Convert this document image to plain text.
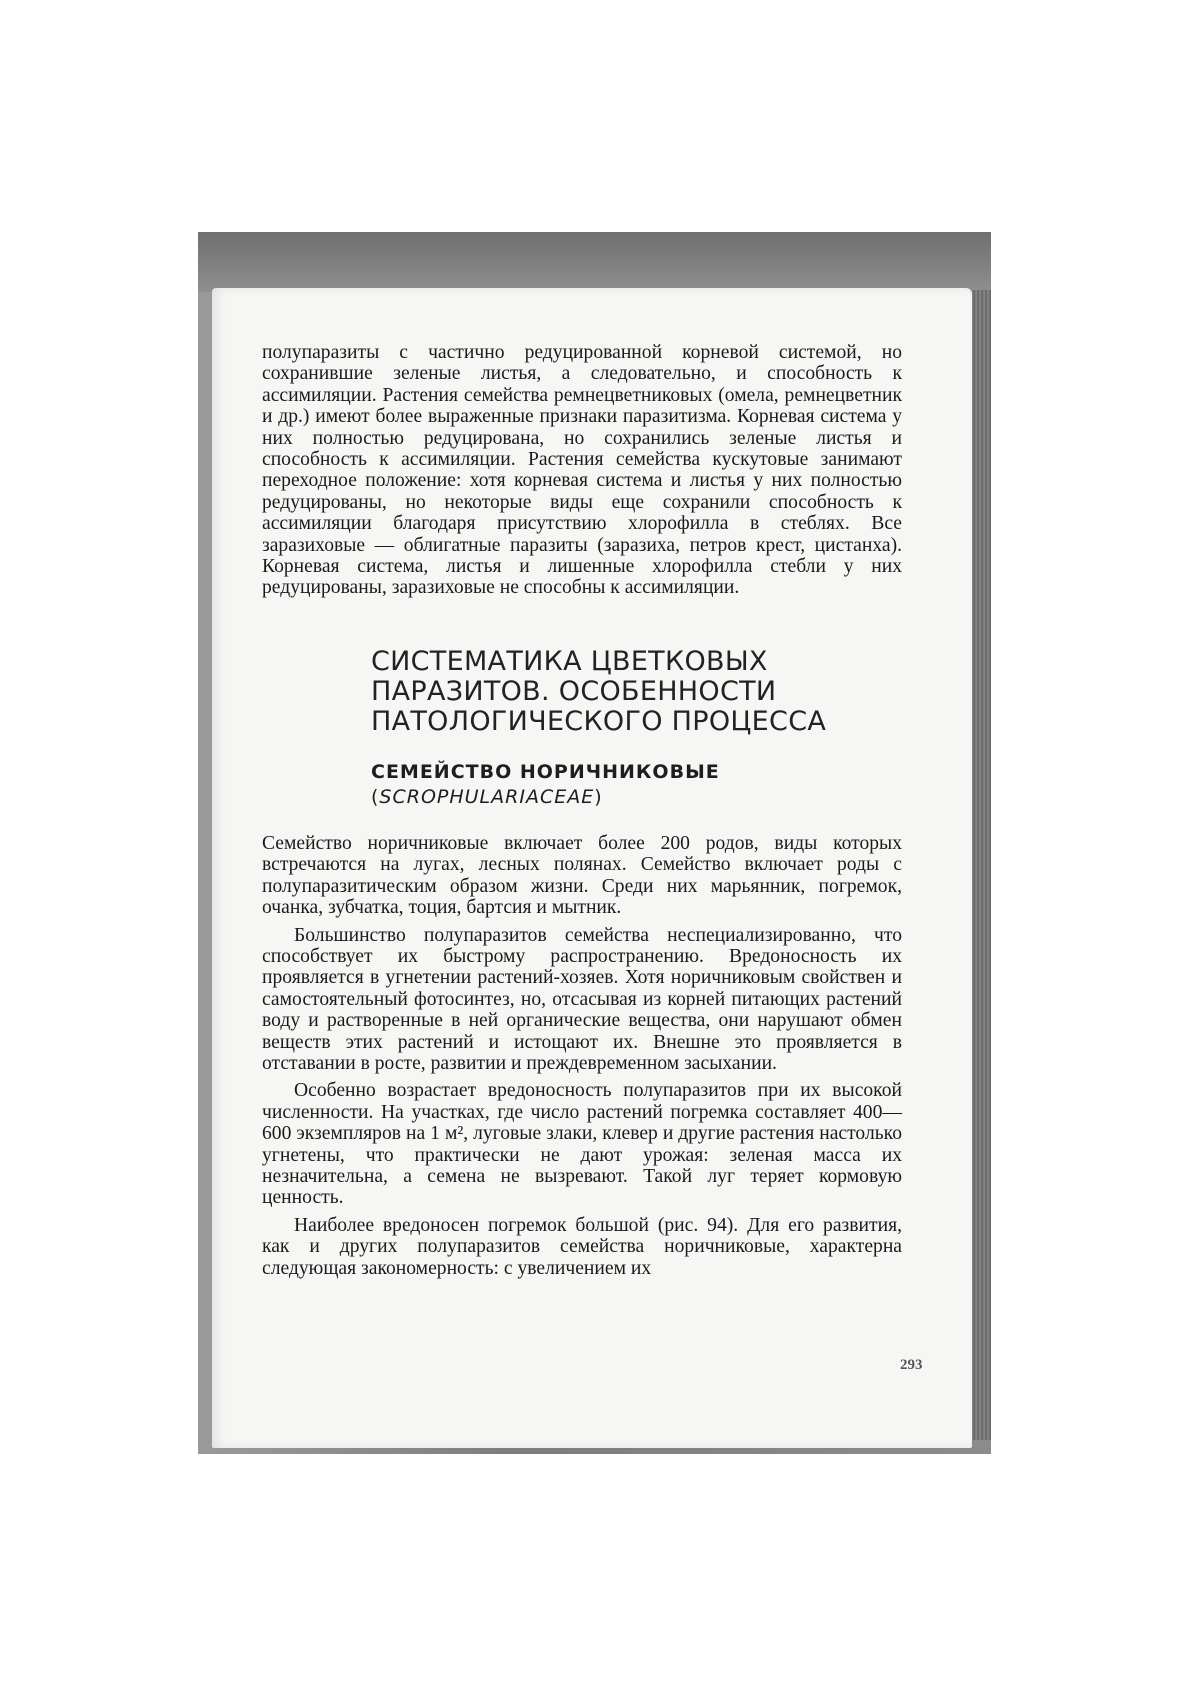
полупаразиты с частично редуцированной корневой системой, но сохранившие зеленые листья, а следовательно, и способность к ассимиляции. Растения семейства ремнецветниковых (омела, ремнецветник и др.) имеют более выраженные признаки паразитизма. Корневая система у них полностью редуцирована, но сохранились зеленые листья и способность к ассимиляции. Растения семейства кускутовые занимают переходное положение: хотя корневая система и листья у них полностью редуцированы, но некоторые виды еще сохранили способность к ассимиляции благодаря присутствию хлорофилла в стеблях. Все заразиховые — облигатные паразиты (заразиха, петров крест, цистанха). Корневая система, листья и лишенные хлорофилла стебли у них редуцированы, заразиховые не способны к ассимиляции.

СИСТЕМАТИКА ЦВЕТКОВЫХ
ПАРАЗИТОВ. ОСОБЕННОСТИ
ПАТОЛОГИЧЕСКОГО ПРОЦЕССА
СЕМЕЙСТВО НОРИЧНИКОВЫЕ
(SCROPHULARIACEAE)

Семейство норичниковые включает более 200 родов, виды которых встречаются на лугах, лесных полянах. Семейство включает роды с полупаразитическим образом жизни. Среди них марьянник, погремок, очанка, зубчатка, тоция, бартсия и мытник.

Большинство полупаразитов семейства неспециализированно, что способствует их быстрому распространению. Вредоносность их проявляется в угнетении растений-хозяев. Хотя норичниковым свойствен и самостоятельный фотосинтез, но, отсасывая из корней питающих растений воду и растворенные в ней органические вещества, они нарушают обмен веществ этих растений и истощают их. Внешне это проявляется в отставании в росте, развитии и преждевременном засыхании.

Особенно возрастает вредоносность полупаразитов при их высокой численности. На участках, где число растений погремка составляет 400—600 экземпляров на 1 м², луговые злаки, клевер и другие растения настолько угнетены, что практически не дают урожая: зеленая масса их незначительна, а семена не вызревают. Такой луг теряет кормовую ценность.

Наиболее вредоносен погремок большой (рис. 94). Для его развития, как и других полупаразитов семейства норичниковые, характерна следующая закономерность: с увеличением их

293
